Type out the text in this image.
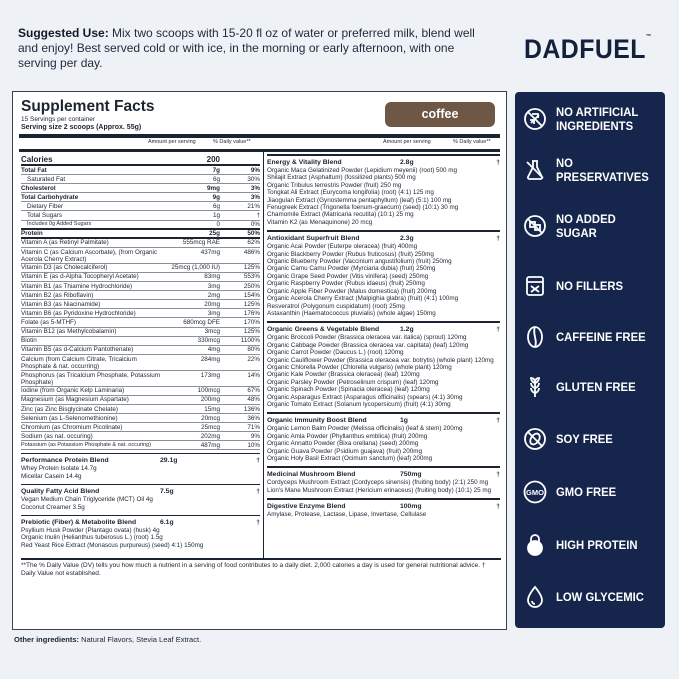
Suggested Use: Mix two scoops with 15-20 fl oz of water or preferred milk, blend well and enjoy! Best served cold or with ice, in the morning or early afternoon, with one serving per day.	DADFUEL™
Supplement Facts
15 Servings per container
Serving size 2 scoops (Approx. 55g)
coffee
Amount per serving	% Daily value**	Amount per serving	% Daily value**
Calories	200
Total Fat	7g	9%
Saturated Fat	6g	30%
Cholesterol	9mg	3%
Total Carbohydrate	9g	3%
Dietary Fiber	6g	21%
Total Sugars	1g	†
Includes 0g Added Sugars	0	0%
Protein	25g	50%
Vitamin A (as Retinyl Palmitate)	555mcg RAE	62%
Vitamin C (as Calcium Ascorbate), (from Organic Acerola Cherry Extract)
437mg	486%
Vitamin D3 (as Cholecalciferol)	25mcg (1,000 IU)	125%
Vitamin E (as d-Alpha Tocopheryl Acetate)	83mg	553%
Vitamin B1 (as Thiamine Hydrochloride)	3mg	250%
Vitamin B2 (as Riboflavin)	2mg	154%
Vitamin B3 (as Niacinamide)	20mg	125%
Vitamin B6 (as Pyridoxine Hydrochloride)	3mg	176%
Folate (as 5-MTHF)	680mcg DFE	170%
Vitamin B12 (as Methylcobalamin)	3mcg	125%
Biotin	330mcg	1100%
Vitamin B5 (as d-Calcium Pantothenate)	4mg	80%
Calcium (from Calcium Citrate, Tricalcium Phosphate & nat. occurring)
284mg	22%
Phosphorus (as Tricalcium Phosphate, Potassium Phosphate)
173mg	14%
Iodine (from Organic Kelp Laminaria)	100mcg	67%
Magnesium (as Magnesium Aspartate)	200mg	48%
Zinc (as Zinc Bisglycinate Chelate)	15mg	136%
Selenium (as L-Selenomethionine)	20mcg	36%
Chromium (as Chromium Picolinate)	25mcg	71%
Sodium (as nat. occuring)	202mg	9%
Potassium (as Potassium Phosphate & nat. occuring)	487mg	10%
Performance Protein Blend	29.1g	†
Whey Protein Isolate 14.7g
Micellar Casein 14.4g
Quality Fatty Acid Blend	7.5g	†
Vegan Medium Chain Triglyceride (MCT) Oil 4g
Coconut Creamer 3.5g
Prebiotic (Fiber) & Metabolite Blend	6.1g	†
Psyllium Husk Powder (Plantago ovata) (husk) 4g
Organic Inulin (Helianthus tuberosus L.) (root) 1.5g
Red Yeast Rice Extract (Monascus purpureus) (seed) 4:1) 150mg
Energy & Vitality Blend	2.8g	†
Organic Maca Gelatinized Powder (Lepidium meyenii) (root) 500 mg
Shilajit Extract (Asphaltum) (fossilized plants) 500 mg
Organic Tribulus terrestris Powder (fruit) 250 mg
Tongkat Ali Extract (Eurycoma longifolia) (root) (4:1) 125 mg
Jiaogulan Extract (Gynostemma pentaphyllum) (leaf) (5:1) 100 mg
Fenugreek Extract (Trigonella foenum-graecum) (seed) (10:1) 30 mg
Chamomile Extract (Matricaria recutita) (10:1) 25 mg
Vitamin K2 (as Menaquinone) 20 mcg
Antioxidant Superfruit Blend	2.3g	†
Organic Acai Powder (Euterpe oleracea) (fruit) 400mg
Organic Blackberry Powder (Rubus fruticosus) (fruit) 250mg
Organic Blueberry Powder (Vaccinium angustifolium) (fruit) 250mg
Organic Camu Camu Powder (Myrciaria dubia) (fruit) 250mg
Organic Grape Seed Powder (Vitis vinifera) (seed) 250mg
Organic Raspberry Powder (Rubus idaeus) (fruit) 250mg
Organic Apple Fiber Powder (Malus domestica) (fruit) 200mg
Organic Acerola Cherry Extract (Malpighia glabra) (fruit) (4:1) 100mg
Resveratrol (Polygonum cuspidatum) (root) 25mg
Astaxanthin (Haematococcus pluvialis) (whole algae) 150mg
Organic Greens & Vegetable Blend	1.2g	†
Organic Broccoli Powder (Brassica oleracea var. italica) (sprout) 120mg
Organic Cabbage Powder (Brassica oleracea var. capitata) (leaf) 120mg
Organic Carrot Powder (Daucus L.) (root) 120mg
Organic Cauliflower Powder (Brassica oleracea var. botrytis) (whole plant) 120mg
Organic Chlorella Powder (Chlorella vulgaris) (whole plant) 120mg
Organic Kale Powder (Brassica oleracea) (leaf) 120mg
Organic Parsley Powder (Petroselinum crispum) (leaf) 120mg
Organic Spinach Powder (Spinacia oleracea) (leaf) 120mg
Organic Asparagus Extract (Asparagus officinalis) (spears) (4:1) 30mg
Organic Tomato Extract (Solanum lycopersicum) (fruit) (4:1) 30mg
Organic Immunity Boost Blend	1g	†
Organic Lemon Balm Powder (Melissa officinalis) (leaf & stem) 200mg
Organic Amla Powder (Phyllanthus emblica) (fruit) 200mg
Organic Annatto Powder (Bixa orellana) (seed) 200mg
Organic Guava Powder (Psidium guajava) (fruit) 200mg
Organic Holy Basil Extract (Ocimum sanctum) (leaf) 200mg
Medicinal Mushroom Blend	750mg	†
Cordyceps Mushroom Extract (Cordyceps sinensis) (fruiting body) (2:1) 250 mg
Lion's Mane Mushroom Extract (Hericium erinaceus) (fruiting body) (10:1) 25 mg
Digestive Enzyme Blend	100mg	†
Amylase, Protease, Lactase, Lipase, Invertase, Cellulase
**The % Daily Value (DV) tells you how much a nutrient in a serving of food contributes to a daily diet. 2,000 calories a day is used for general nutritional advice. † Daily Value not established.
Other ingredients: Natural Flavors, Stevia Leaf Extract.
NO ARTIFICIAL INGREDIENTS
NO PRESERVATIVES
NO ADDED SUGAR
NO FILLERS
CAFFEINE FREE
GLUTEN FREE
SOY FREE
GMO GMO FREE
HIGH PROTEIN
LOW GLYCEMIC
